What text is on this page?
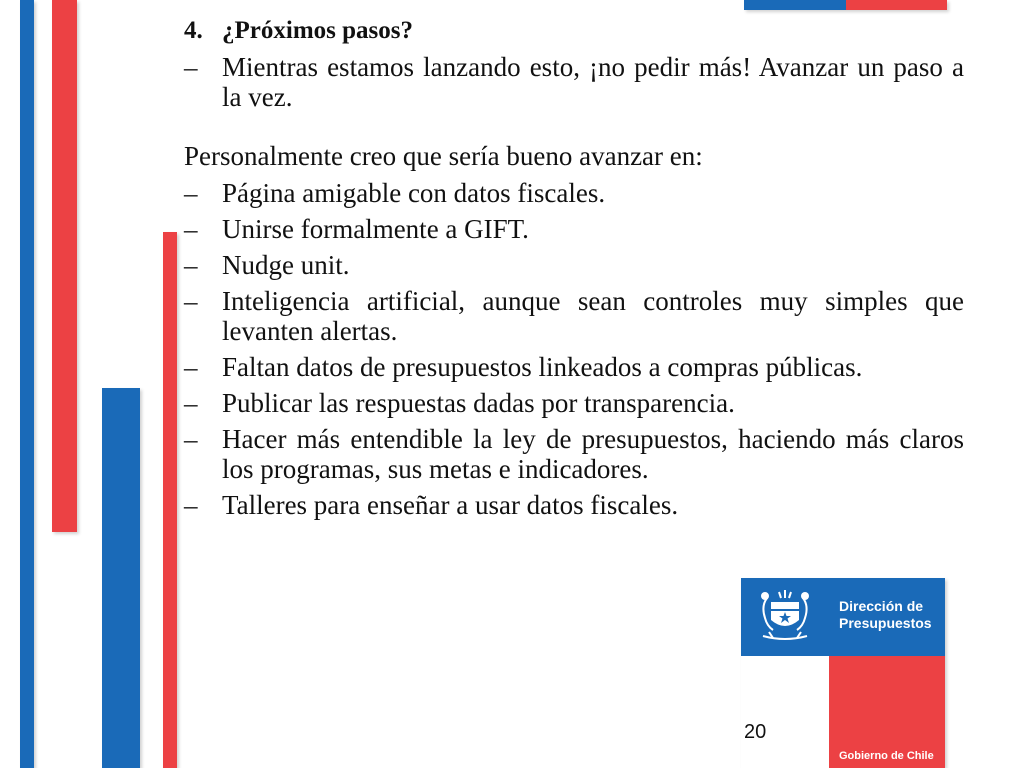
4. ¿Próximos pasos?
– Mientras estamos lanzando esto, ¡no pedir más! Avanzar un paso a la vez.
Personalmente creo que sería bueno avanzar en:
– Página amigable con datos fiscales.
– Unirse formalmente a GIFT.
– Nudge unit.
– Inteligencia artificial, aunque sean controles muy simples que levanten alertas.
– Faltan datos de presupuestos linkeados a compras públicas.
– Publicar las respuestas dadas por transparencia.
– Hacer más entendible la ley de presupuestos, haciendo más claros los programas, sus metas e indicadores.
– Talleres para enseñar a usar datos fiscales.
Dirección de
Presupuestos
Gobierno de Chile
20
